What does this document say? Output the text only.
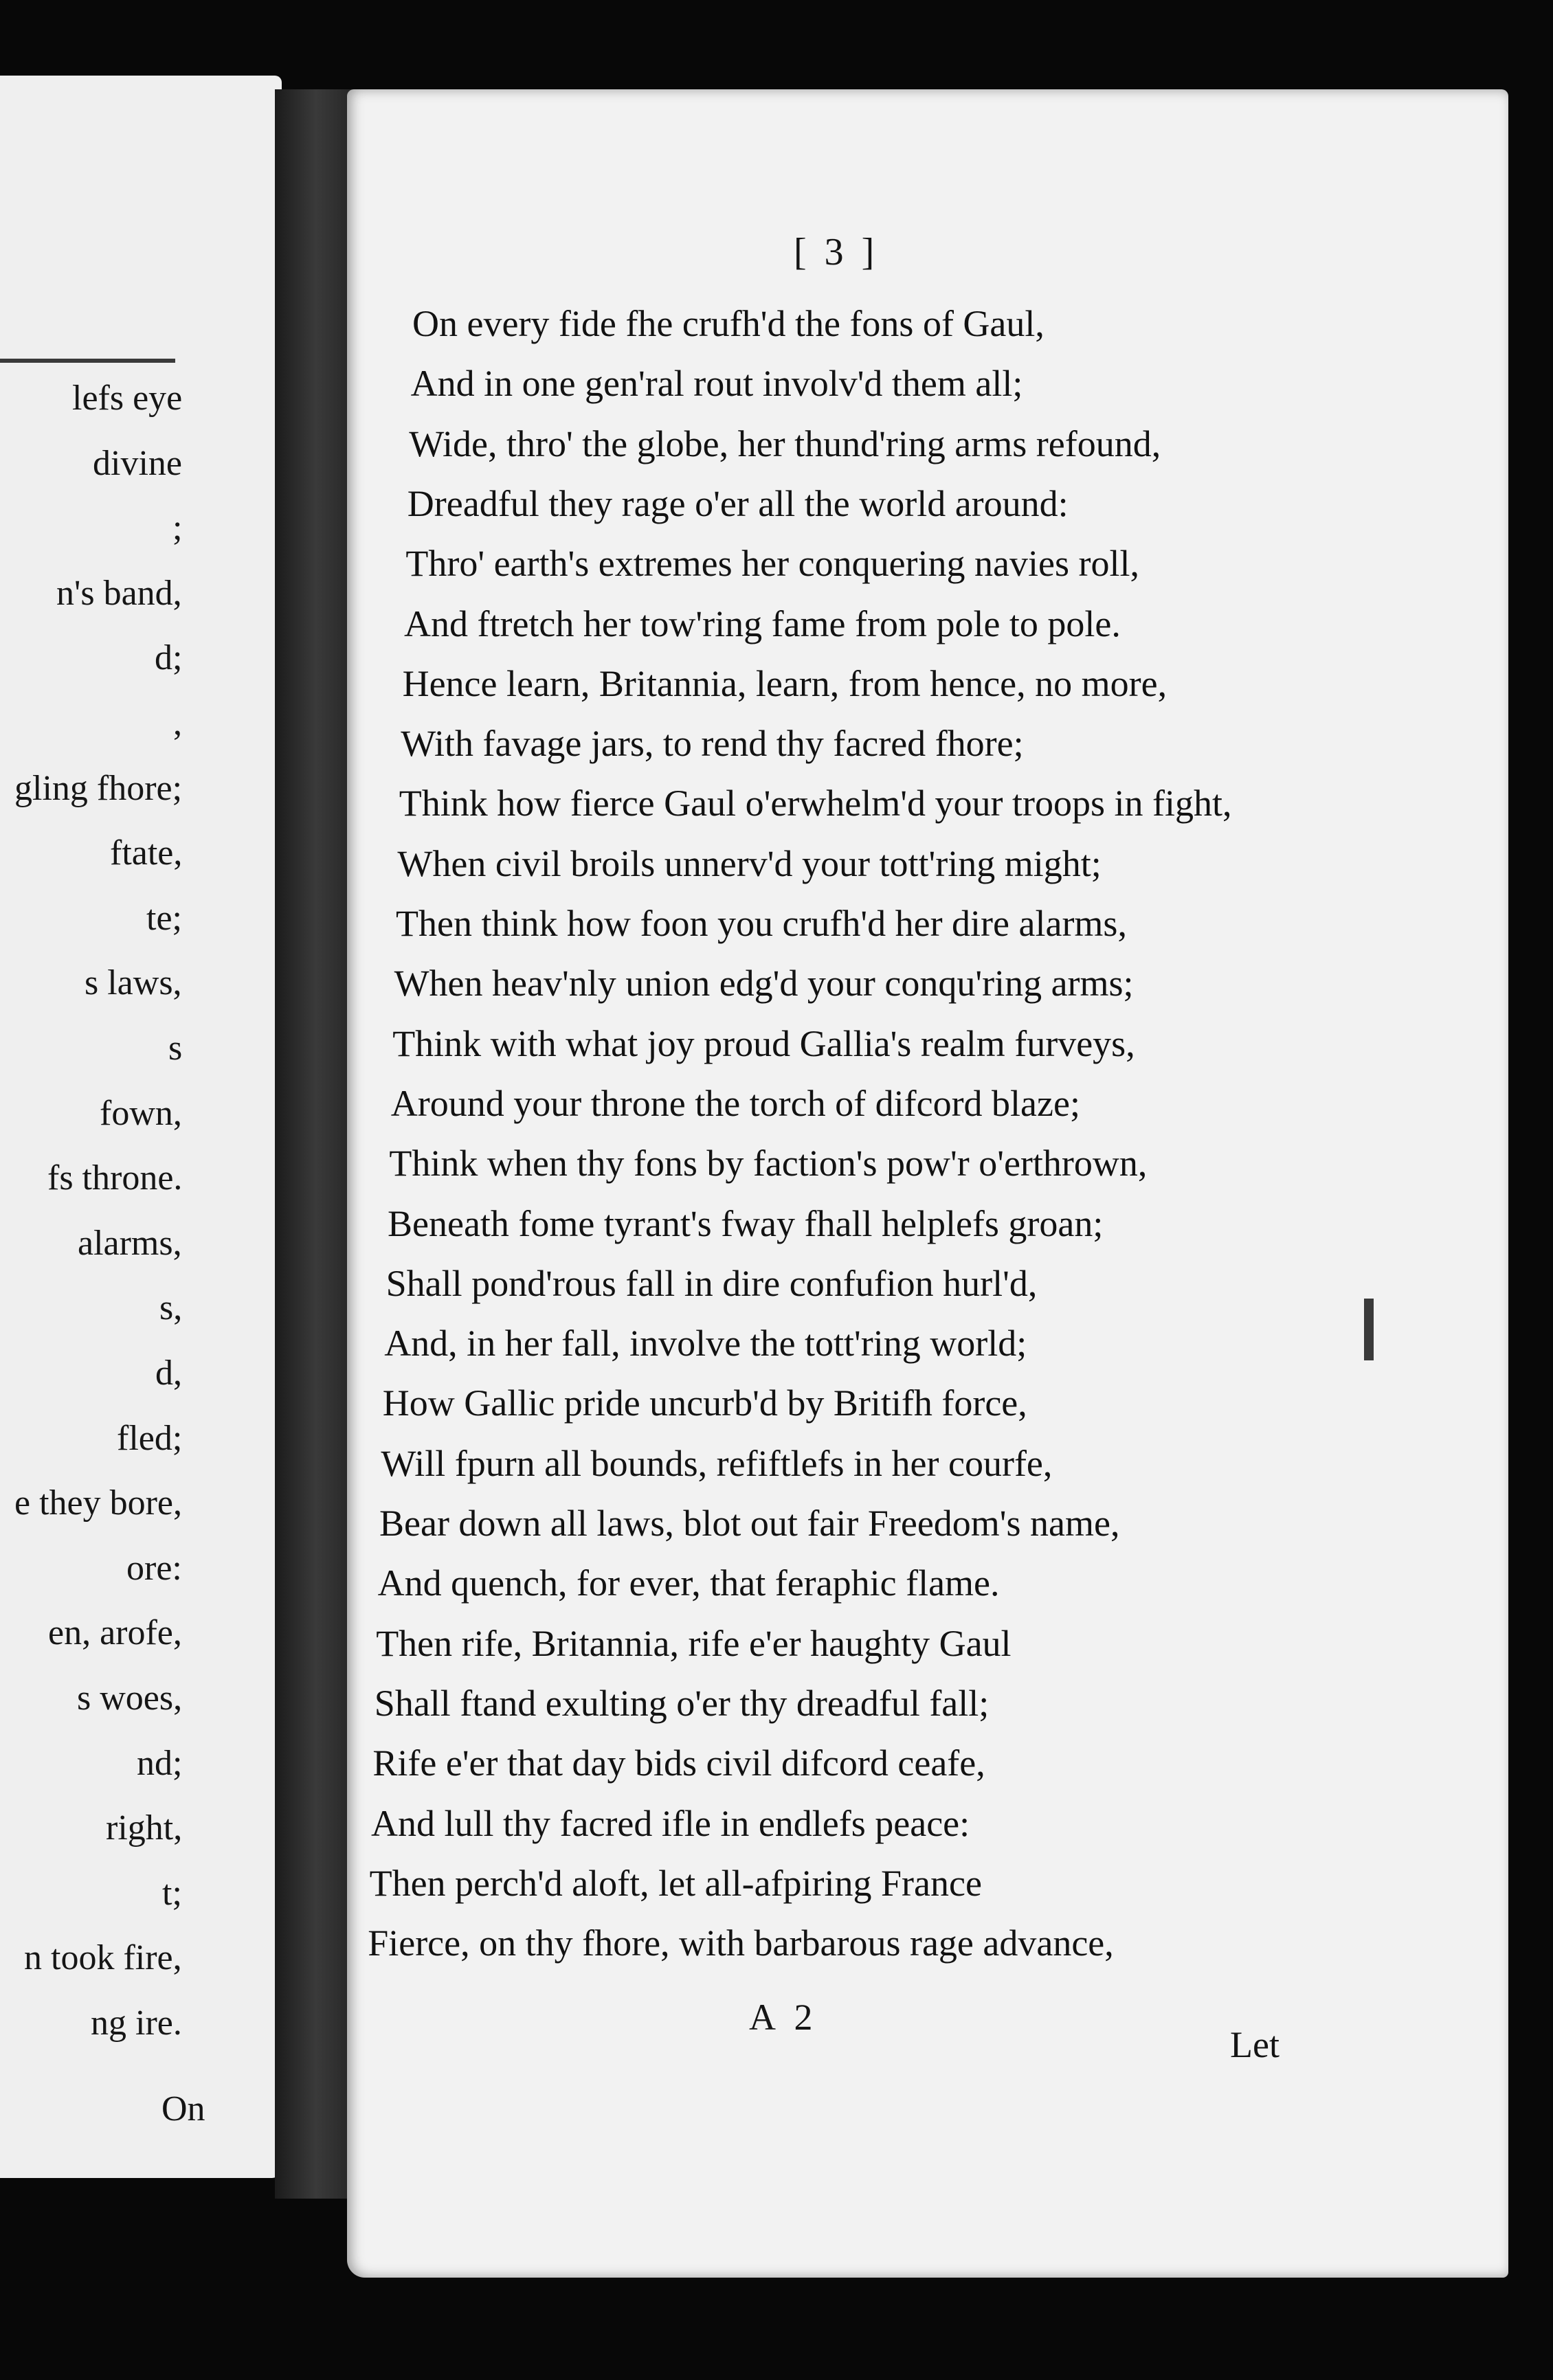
lefs eye
divine
;
n's band,
d;
,
gling fhore;
ftate,
te;
s laws,
s
fown,
fs throne.
alarms,
s,
d,
fled;
e they bore,
ore:
en, arofe,
s woes,
nd;
right,
t;
n took fire,
ng ire.
On
[ 3 ]
On every fide fhe crufh'd the fons of Gaul,
And in one gen'ral rout involv'd them all;
Wide, thro' the globe, her thund'ring arms refound,
Dreadful they rage o'er all the world around:
Thro' earth's extremes her conquering navies roll,
And ftretch her tow'ring fame from pole to pole.
Hence learn, Britannia, learn, from hence, no more,
With favage jars, to rend thy facred fhore;
Think how fierce Gaul o'erwhelm'd your troops in fight,
When civil broils unnerv'd your tott'ring might;
Then think how foon you crufh'd her dire alarms,
When heav'nly union edg'd your conqu'ring arms;
Think with what joy proud Gallia's realm furveys,
Around your throne the torch of difcord blaze;
Think when thy fons by faction's pow'r o'erthrown,
Beneath fome tyrant's fway fhall helplefs groan;
Shall pond'rous fall in dire confufion hurl'd,
And, in her fall, involve the tott'ring world;
How Gallic pride uncurb'd by Britifh force,
Will fpurn all bounds, refiftlefs in her courfe,
Bear down all laws, blot out fair Freedom's name,
And quench, for ever, that feraphic flame.
Then rife, Britannia, rife e'er haughty Gaul
Shall ftand exulting o'er thy dreadful fall;
Rife e'er that day bids civil difcord ceafe,
And lull thy facred ifle in endlefs peace:
Then perch'd aloft, let all-afpiring France
Fierce, on thy fhore, with barbarous rage advance,
A 2
Let
